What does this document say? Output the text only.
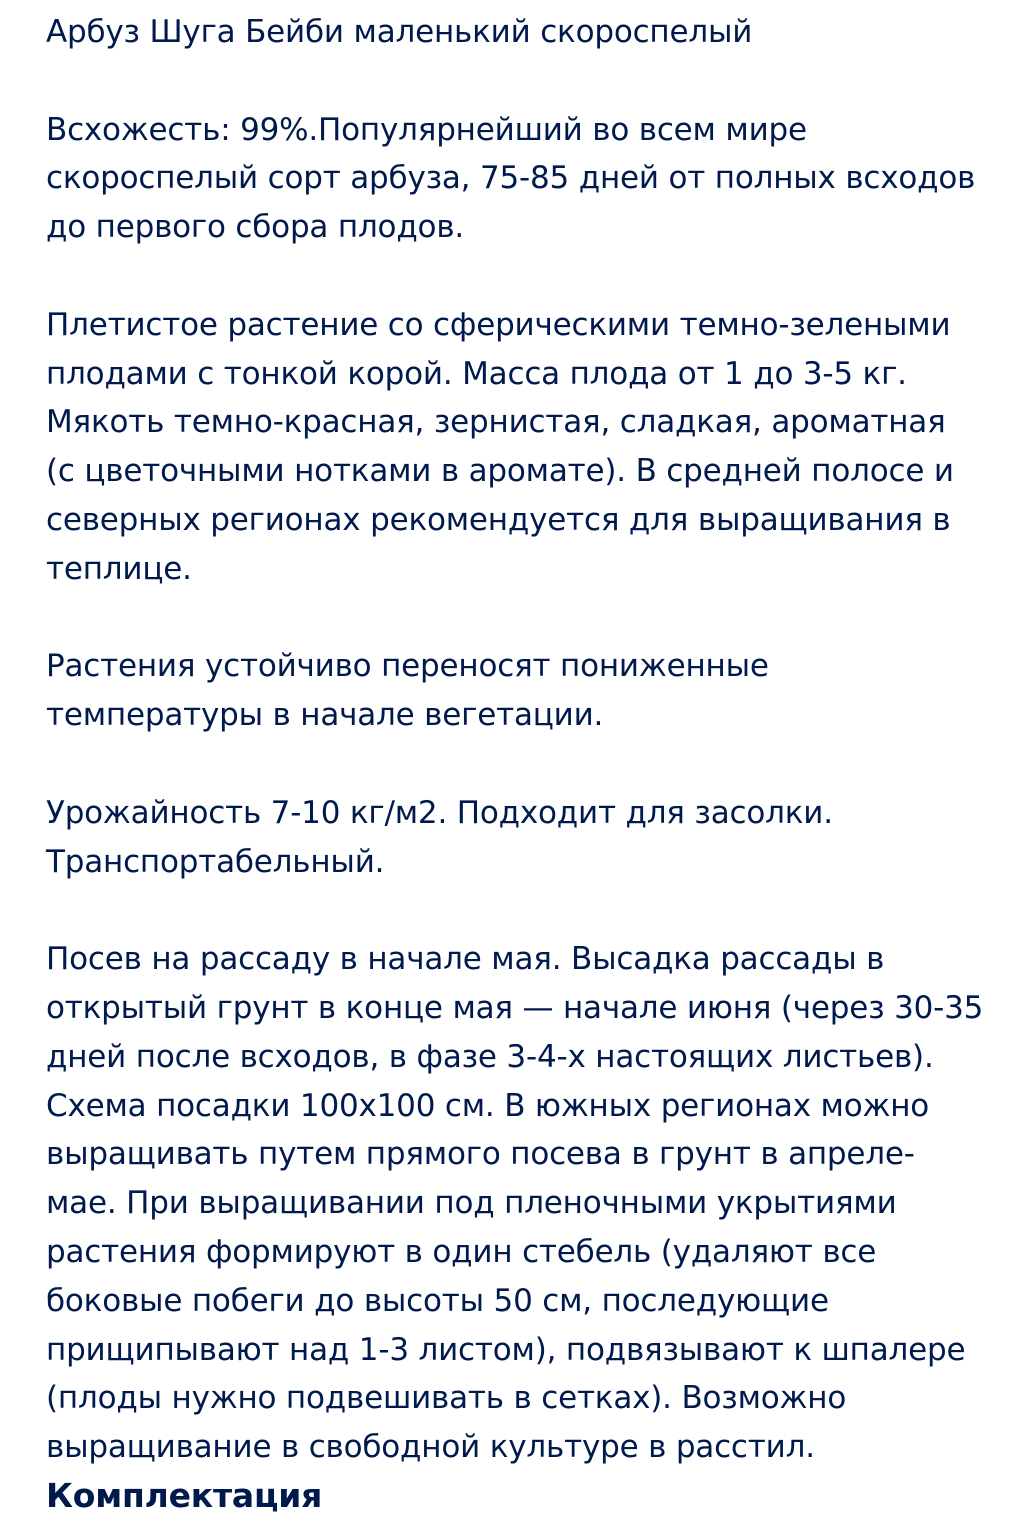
Арбуз Шуга Бейби маленький скороспелый

Всхожесть: 99%.Популярнейший во всем мире
скороспелый сорт арбуза, 75-85 дней от полных всходов
до первого сбора плодов.

Плетистое растение со сферическими темно-зелеными
плодами с тонкой корой. Масса плода от 1 до 3-5 кг.
Мякоть темно-красная, зернистая, сладкая, ароматная
(с цветочными нотками в аромате). В средней полосе и
северных регионах рекомендуется для выращивания в
теплице.

Растения устойчиво переносят пониженные
температуры в начале вегетации.

Урожайность 7-10 кг/м2. Подходит для засолки.
Транспортабельный.

Посев на рассаду в начале мая. Высадка рассады в
открытый грунт в конце мая — начале июня (через 30-35
дней после всходов, в фазе 3-4-х настоящих листьев).
Схема посадки 100х100 см. В южных регионах можно
выращивать путем прямого посева в грунт в апреле-
мае. При выращивании под пленочными укрытиями
растения формируют в один стебель (удаляют все
боковые побеги до высоты 50 см, последующие
прищипывают над 1-3 листом), подвязывают к шпалере
(плоды нужно подвешивать в сетках). Возможно
выращивание в свободной культуре в расстил.

Комплектация
